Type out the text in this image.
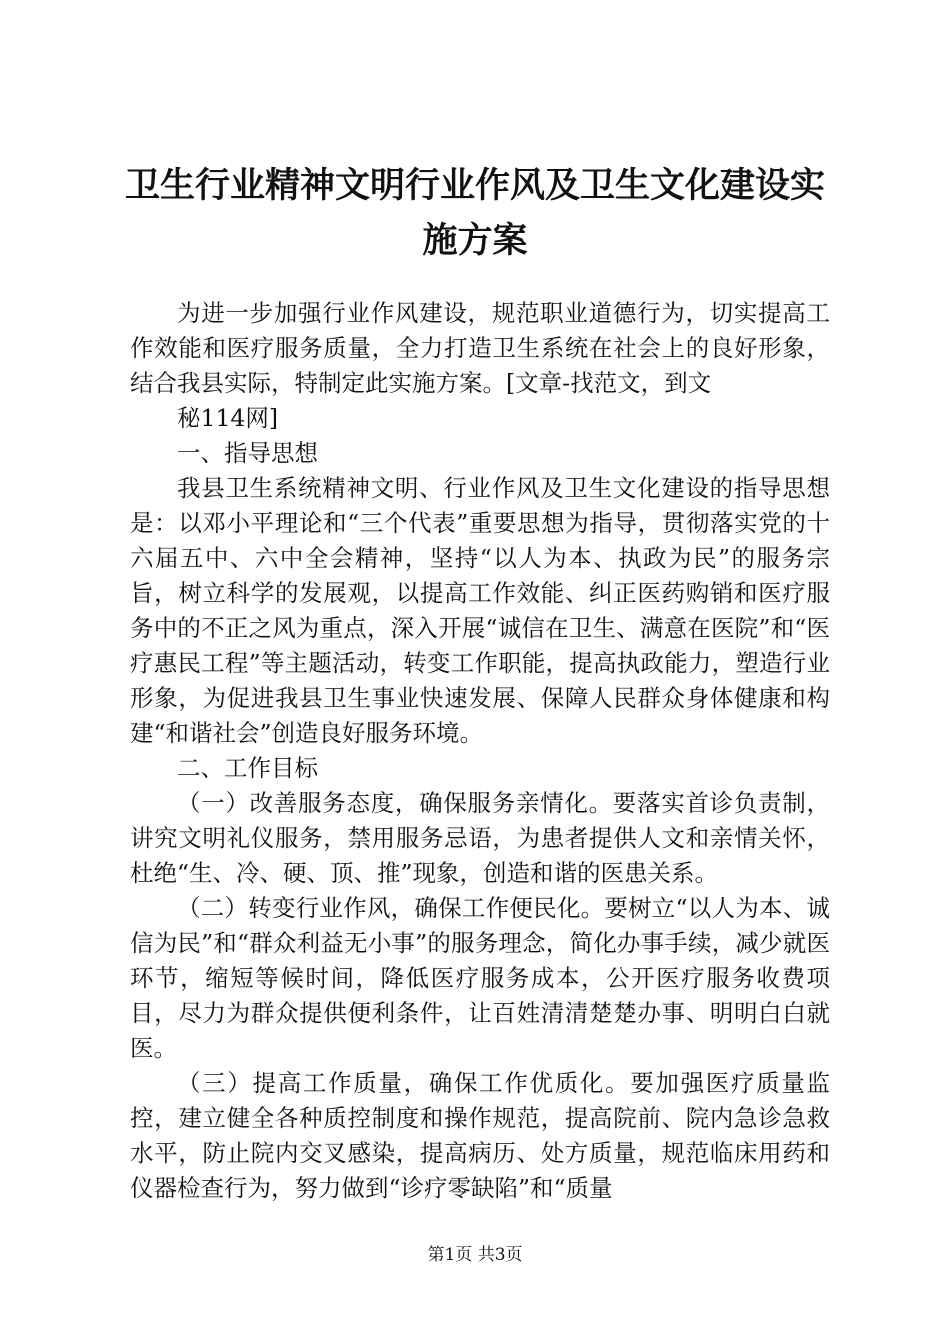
卫生行业精神文明行业作风及卫生文化建设实
施方案

为进一步加强行业作风建设，规范职业道德行为，切实提高工作效能和医疗服务质量，全力打造卫生系统在社会上的良好形象，结合我县实际，特制定此实施方案。[文章-找范文，到文

秘114网]

一、指导思想

我县卫生系统精神文明、行业作风及卫生文化建设的指导思想是：以邓小平理论和“三个代表”重要思想为指导，贯彻落实党的十六届五中、六中全会精神，坚持“以人为本、执政为民”的服务宗旨，树立科学的发展观，以提高工作效能、纠正医药购销和医疗服务中的不正之风为重点，深入开展“诚信在卫生、满意在医院”和“医疗惠民工程”等主题活动，转变工作职能，提高执政能力，塑造行业形象，为促进我县卫生事业快速发展、保障人民群众身体健康和构建“和谐社会”创造良好服务环境。

二、工作目标

（一）改善服务态度，确保服务亲情化。要落实首诊负责制，讲究文明礼仪服务，禁用服务忌语，为患者提供人文和亲情关怀，杜绝“生、冷、硬、顶、推”现象，创造和谐的医患关系。

（二）转变行业作风，确保工作便民化。要树立“以人为本、诚信为民”和“群众利益无小事”的服务理念，简化办事手续，减少就医环节，缩短等候时间，降低医疗服务成本，公开医疗服务收费项目，尽力为群众提供便利条件，让百姓清清楚楚办事、明明白白就医。

（三）提高工作质量，确保工作优质化。要加强医疗质量监控，建立健全各种质控制度和操作规范，提高院前、院内急诊急救水平，防止院内交叉感染，提高病历、处方质量，规范临床用药和仪器检查行为，努力做到“诊疗零缺陷”和“质量

第1页 共3页
